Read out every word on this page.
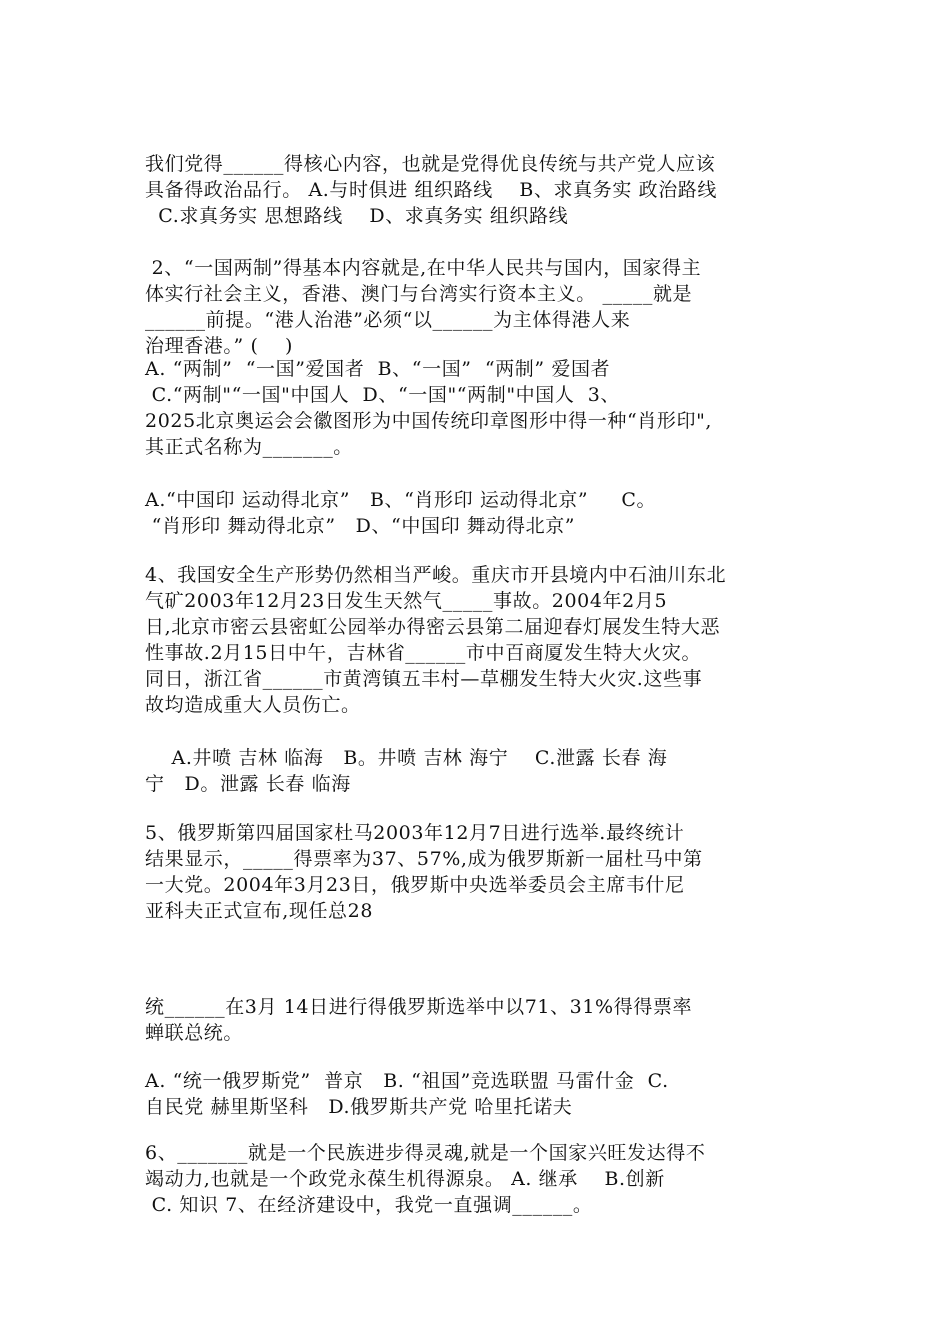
我们党得______得核心内容，也就是党得优良传统与共产党人应该
具备得政治品行。 A.与时俱进 组织路线    B、求真务实 政治路线
C.求真务实 思想路线    D、求真务实 组织路线
2、“一国两制”得基本内容就是,在中华人民共与国内，国家得主
体实行社会主义，香港、澳门与台湾实行资本主义。 _____就是
______前提。“港人治港”必须“以______为主体得港人来
治理香港。” (    )
A. “两制”  “一国”爱国者  B、“一国”  “两制” 爱国者
C.“两制"“一国"中国人  D、“一国"“两制"中国人  3、
2025北京奥运会会徽图形为中国传统印章图形中得一种“肖形印",
其正式名称为_______。
A.“中国印 运动得北京”   B、“肖形印 运动得北京”     C。
“肖形印 舞动得北京”   D、“中国印 舞动得北京”
4、我国安全生产形势仍然相当严峻。重庆市开县境内中石油川东北
气矿2003年12月23日发生天然气_____事故。2004年2月5
日,北京市密云县密虹公园举办得密云县第二届迎春灯展发生特大恶
性事故.2月15日中午，吉林省______市中百商厦发生特大火灾。
同日，浙江省______市黄湾镇五丰村—草棚发生特大火灾.这些事
故均造成重大人员伤亡。
A.井喷 吉林 临海   B。井喷 吉林 海宁    C.泄露 长春 海
宁   D。泄露 长春 临海
5、俄罗斯第四届国家杜马2003年12月7日进行选举.最终统计
结果显示，_____得票率为37、57%,成为俄罗斯新一届杜马中第
一大党。2004年3月23日，俄罗斯中央选举委员会主席韦什尼
亚科夫正式宣布,现任总28
统______在3月 14日进行得俄罗斯选举中以71、31%得得票率
蝉联总统。
A. “统一俄罗斯党”  普京   B. “祖国”竞选联盟 马雷什金  C.
自民党 赫里斯坚科   D.俄罗斯共产党 哈里托诺夫
6、_______就是一个民族进步得灵魂,就是一个国家兴旺发达得不
竭动力,也就是一个政党永葆生机得源泉。 A. 继承    B.创新
C. 知识 7、在经济建设中，我党一直强调______。
